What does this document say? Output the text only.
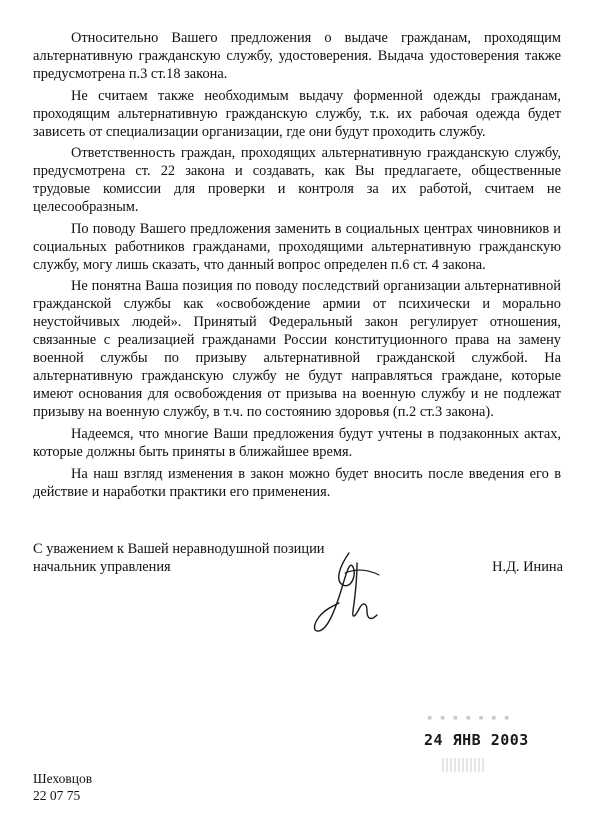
Относительно Вашего предложения о выдаче гражданам, проходящим альтернативную гражданскую службу, удостоверения. Выдача удостоверения также предусмотрена п.3 ст.18 закона.

Не считаем также необходимым выдачу форменной одежды гражданам, проходящим альтернативную гражданскую службу, т.к. их рабочая одежда будет зависеть от специализации организации, где они будут проходить службу.

Ответственность граждан, проходящих альтернативную гражданскую службу, предусмотрена ст. 22 закона и создавать, как Вы предлагаете, общественные трудовые комиссии для проверки и контроля за их работой, считаем не целесообразным.

По поводу Вашего предложения заменить в социальных центрах чиновников и социальных работников гражданами, проходящими альтернативную гражданскую службу, могу лишь сказать, что данный вопрос определен п.6 ст. 4 закона.

Не понятна Ваша позиция по поводу последствий организации альтернативной гражданской службы как «освобождение армии от психически и морально неустойчивых людей». Принятый Федеральный закон регулирует отношения, связанные с реализацией гражданами России конституционного права на замену военной службы по призыву альтернативной гражданской службой. На альтернативную гражданскую службу не будут направляться граждане, которые имеют основания для освобождения от призыва на военную службу и не подлежат призыву на военную службу, в т.ч. по состоянию здоровья (п.2 ст.3 закона).

Надеемся, что многие Ваши предложения будут учтены в подзаконных актах, которые должны быть приняты в ближайшее время.

На наш взгляд изменения в закон можно будет вносить после введения его в действие и наработки практики его применения.

С уважением к Вашей неравнодушной позиции
начальник управления	Н.Д. Инина
▪ ▪ ▪ ▪ ▪ ▪ ▪
24 ЯНВ 2003
Шеховцов
22 07 75
